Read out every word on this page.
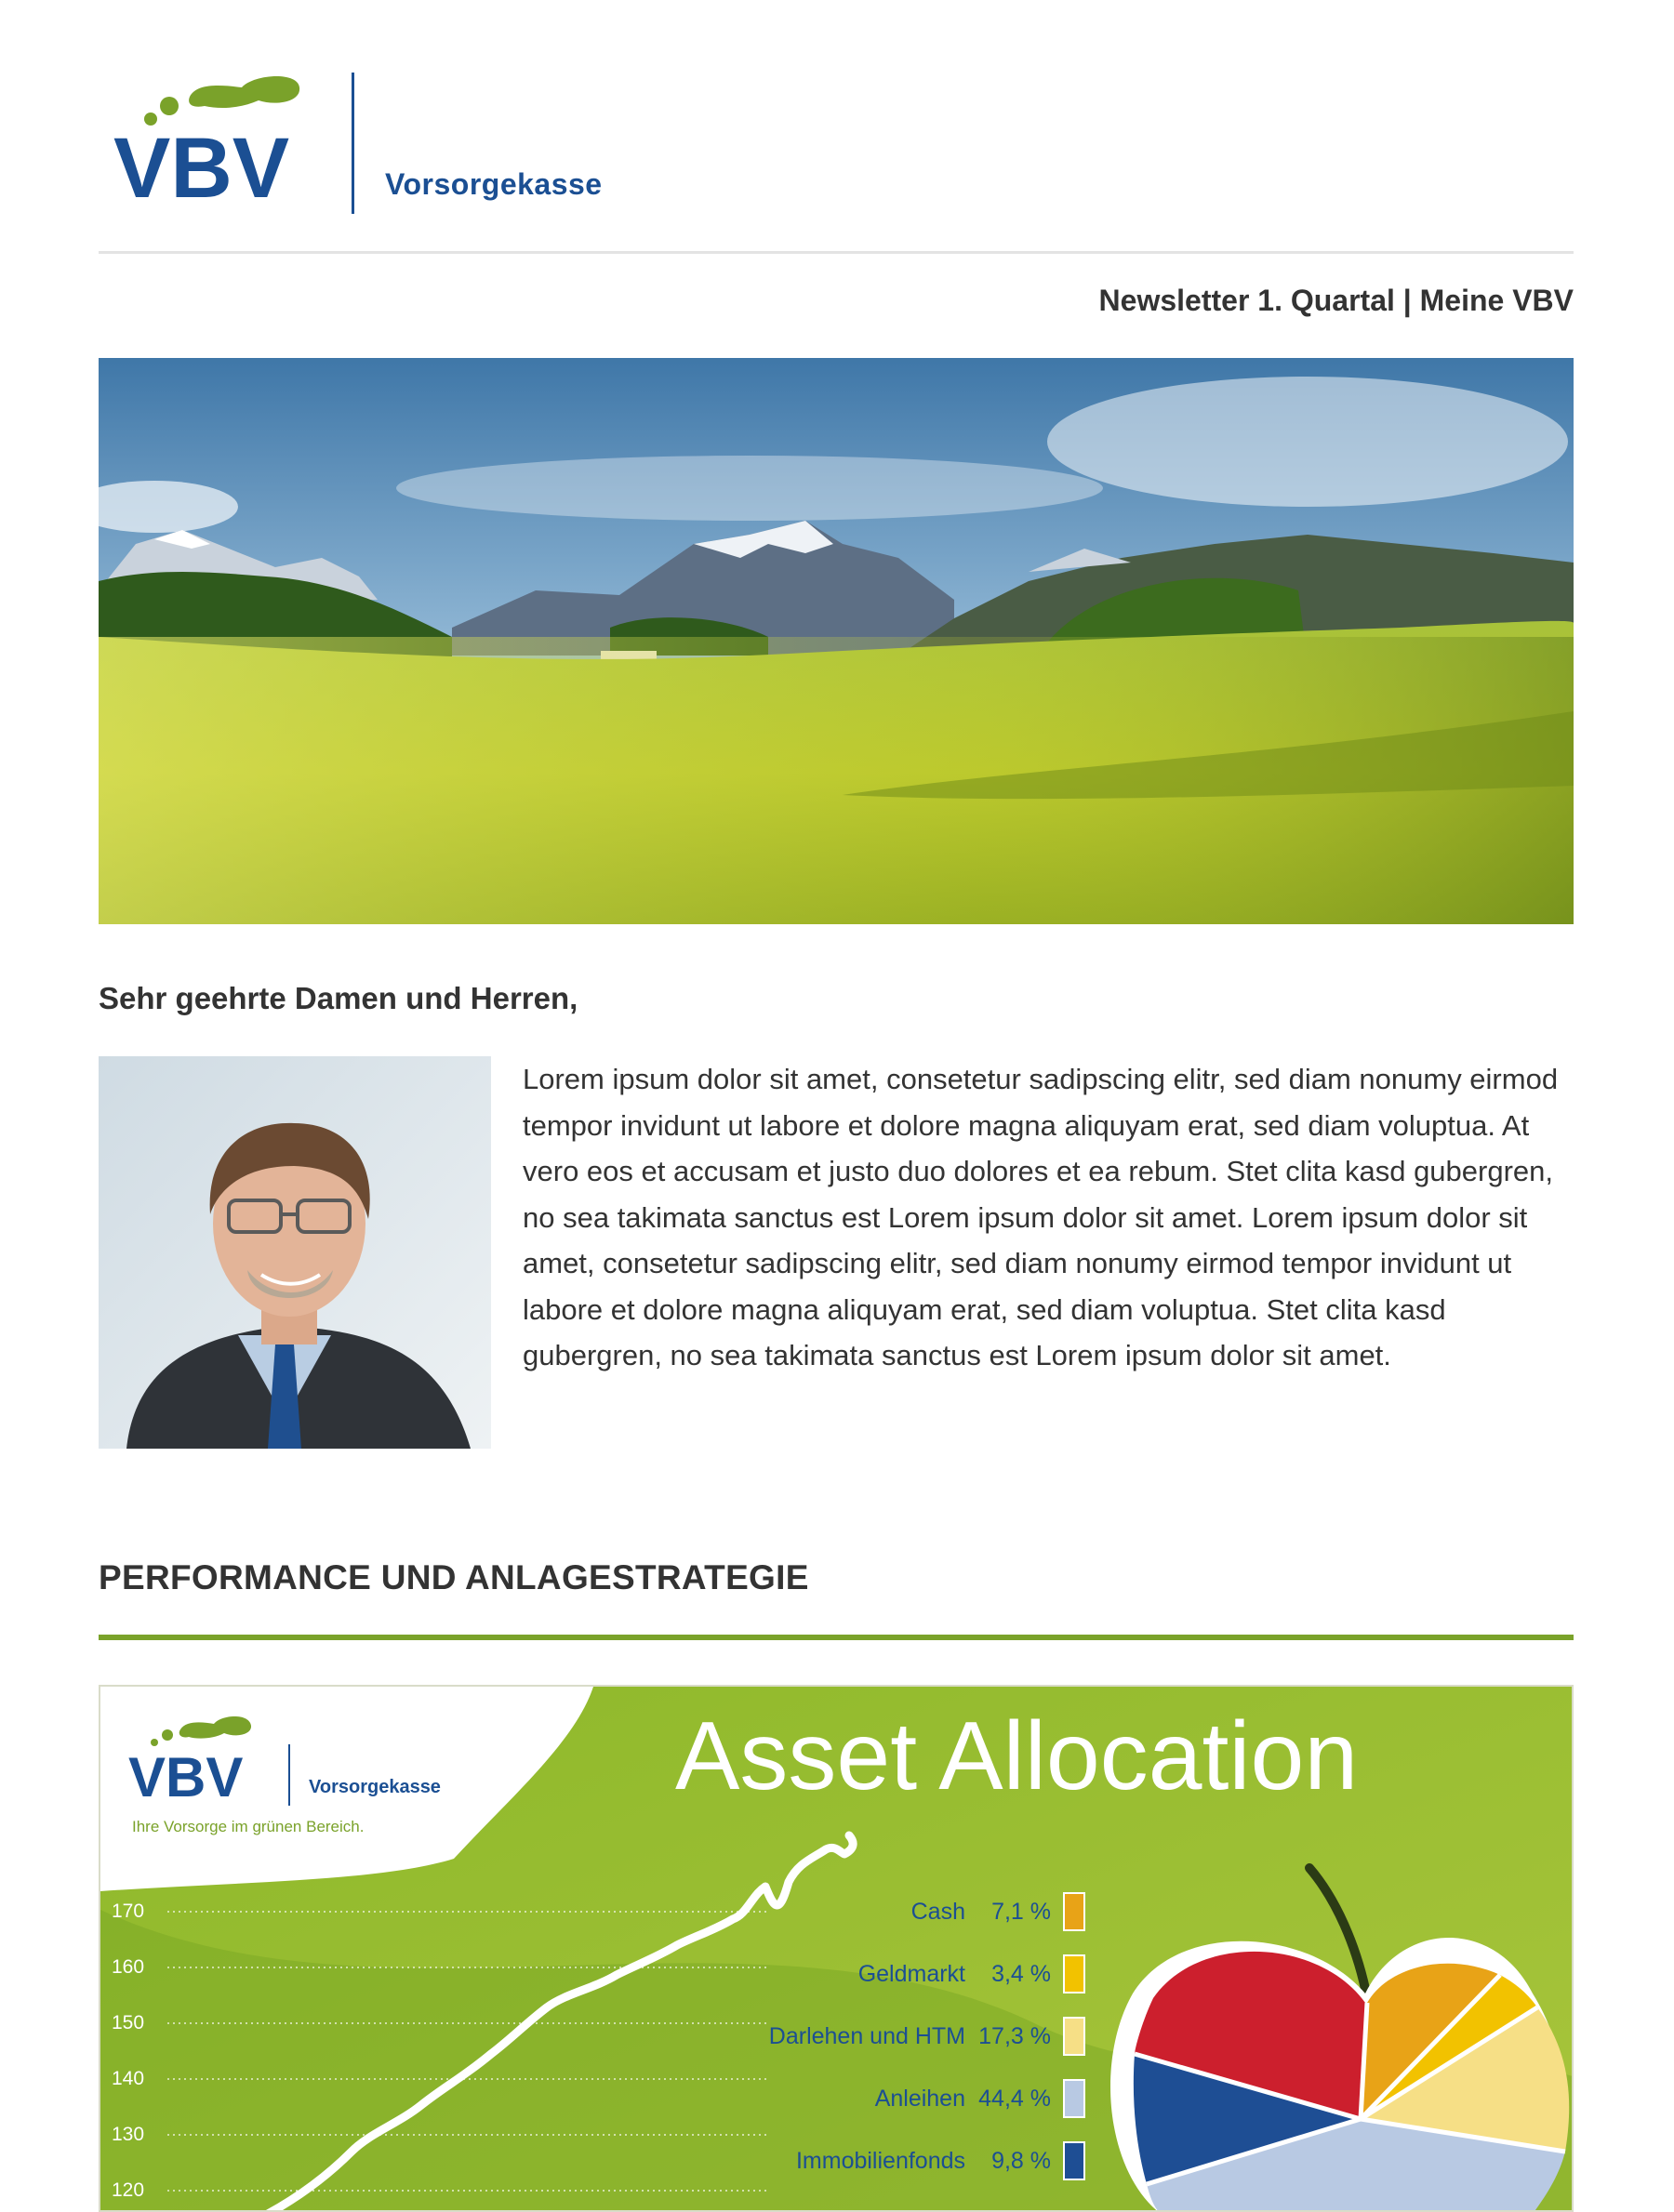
VBV	Vorsorgekasse
Newsletter 1. Quartal | Meine VBV
Sehr geehrte Damen und Herren,

Lorem ipsum dolor sit amet, consetetur sadipscing elitr, sed diam nonumy eirmod tempor invidunt ut labore et dolore magna aliquyam erat, sed diam voluptua. At vero eos et accusam et justo duo dolores et ea rebum. Stet clita kasd gubergren, no sea takimata sanctus est Lorem ipsum dolor sit amet. Lorem ipsum dolor sit amet, consetetur sadipscing elitr, sed diam nonumy eirmod tempor invidunt ut labore et dolore magna aliquyam erat, sed diam voluptua. Stet clita kasd gubergren, no sea takimata sanctus est Lorem ipsum dolor sit amet.

PERFORMANCE UND ANLAGESTRATEGIE
VBV	Vorsorgekasse
Ihre Vorsorge im grünen Bereich.
Asset Allocation
170
160
150
140
130
120
Cash 7,1 %
Geldmarkt 3,4 %
Darlehen und HTM 17,3 %
Anleihen 44,4 %
Immobilienfonds 9,8 %
